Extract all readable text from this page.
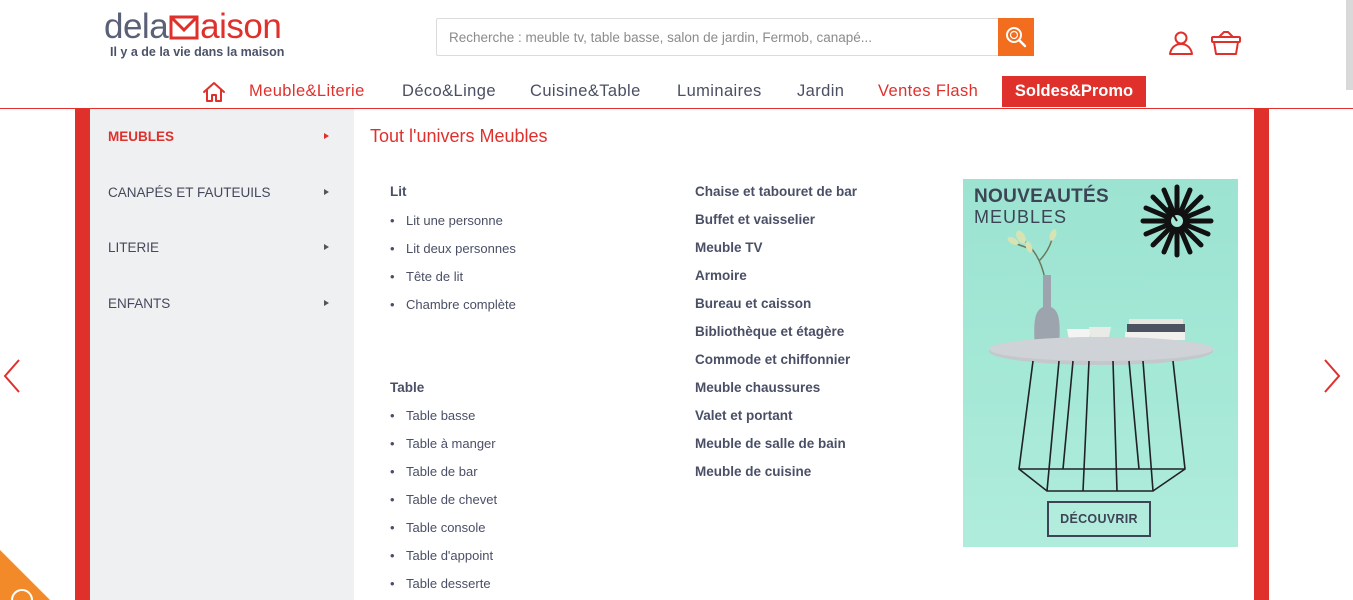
dela aison
Il y a de la vie dans la maison
Recherche : meuble tv, table basse, salon de jardin, Fermob, canapé...
Meuble&Literie Déco&Linge Cuisine&Table Luminaires Jardin Ventes Flash	Soldes&Promo
MEUBLES
CANAPÉS ET FAUTEUILS
LITERIE
ENFANTS
Tout l'univers Meubles
Lit
• Lit une personne
• Lit deux personnes
• Tête de lit
• Chambre complète
Table
• Table basse
• Table à manger
• Table de bar
• Table de chevet
• Table console
• Table d'appoint
• Table desserte
Chaise et tabouret de bar
Buffet et vaisselier
Meuble TV
Armoire
Bureau et caisson
Bibliothèque et étagère
Commode et chiffonnier
Meuble chaussures
Valet et portant
Meuble de salle de bain
Meuble de cuisine
NOUVEAUTÉS
MEUBLES
DÉCOUVRIR
